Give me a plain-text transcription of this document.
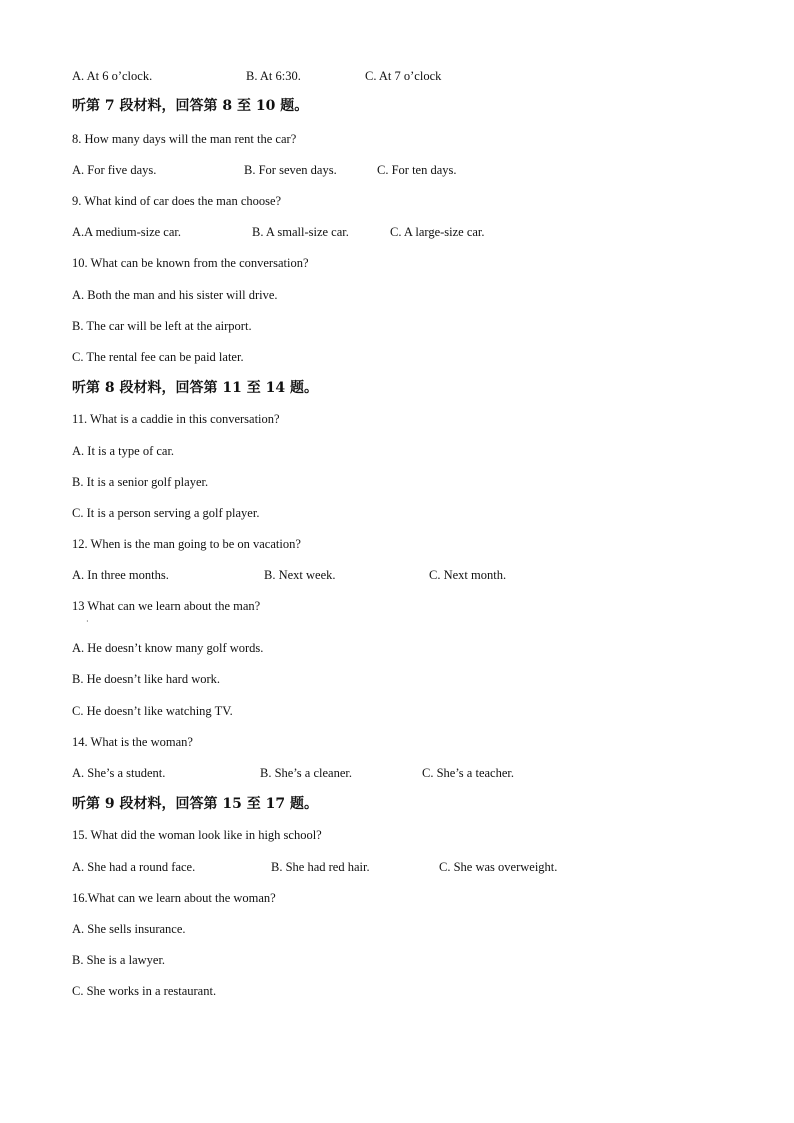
A. At 6 o’clock.	B. At 6:30.	C. At 7 o’clock
听第 7 段材料，回答第 8 至 10 题。
8. How many days will the man rent the car?
A. For five days.	B. For seven days.	C. For ten days.
9. What kind of car does the man choose?
A.A medium-size car.	B. A small-size car.	C. A large-size car.
10. What can be known from the conversation?
A. Both the man and his sister will drive.
B. The car will be left at the airport.
C. The rental fee can be paid later.
听第 8 段材料，回答第 11 至 14 题。
11. What is a caddie in this conversation?
A. It is a type of car.
B. It is a senior golf player.
C. It is a person serving a golf player.
12. When is the man going to be on vacation?
A. In three months.	B. Next week.	C. Next month.
13 What can we learn about the man?
·
A. He doesn’t know many golf words.
B. He doesn’t like hard work.
C. He doesn’t like watching TV.
14. What is the woman?
A. She’s a student.	B. She’s a cleaner.	C. She’s a teacher.
听第 9 段材料，回答第 15 至 17 题。
15. What did the woman look like in high school?
A. She had a round face.	B. She had red hair.	C. She was overweight.
16.What can we learn about the woman?
A. She sells insurance.
B. She is a lawyer.
C. She works in a restaurant.
